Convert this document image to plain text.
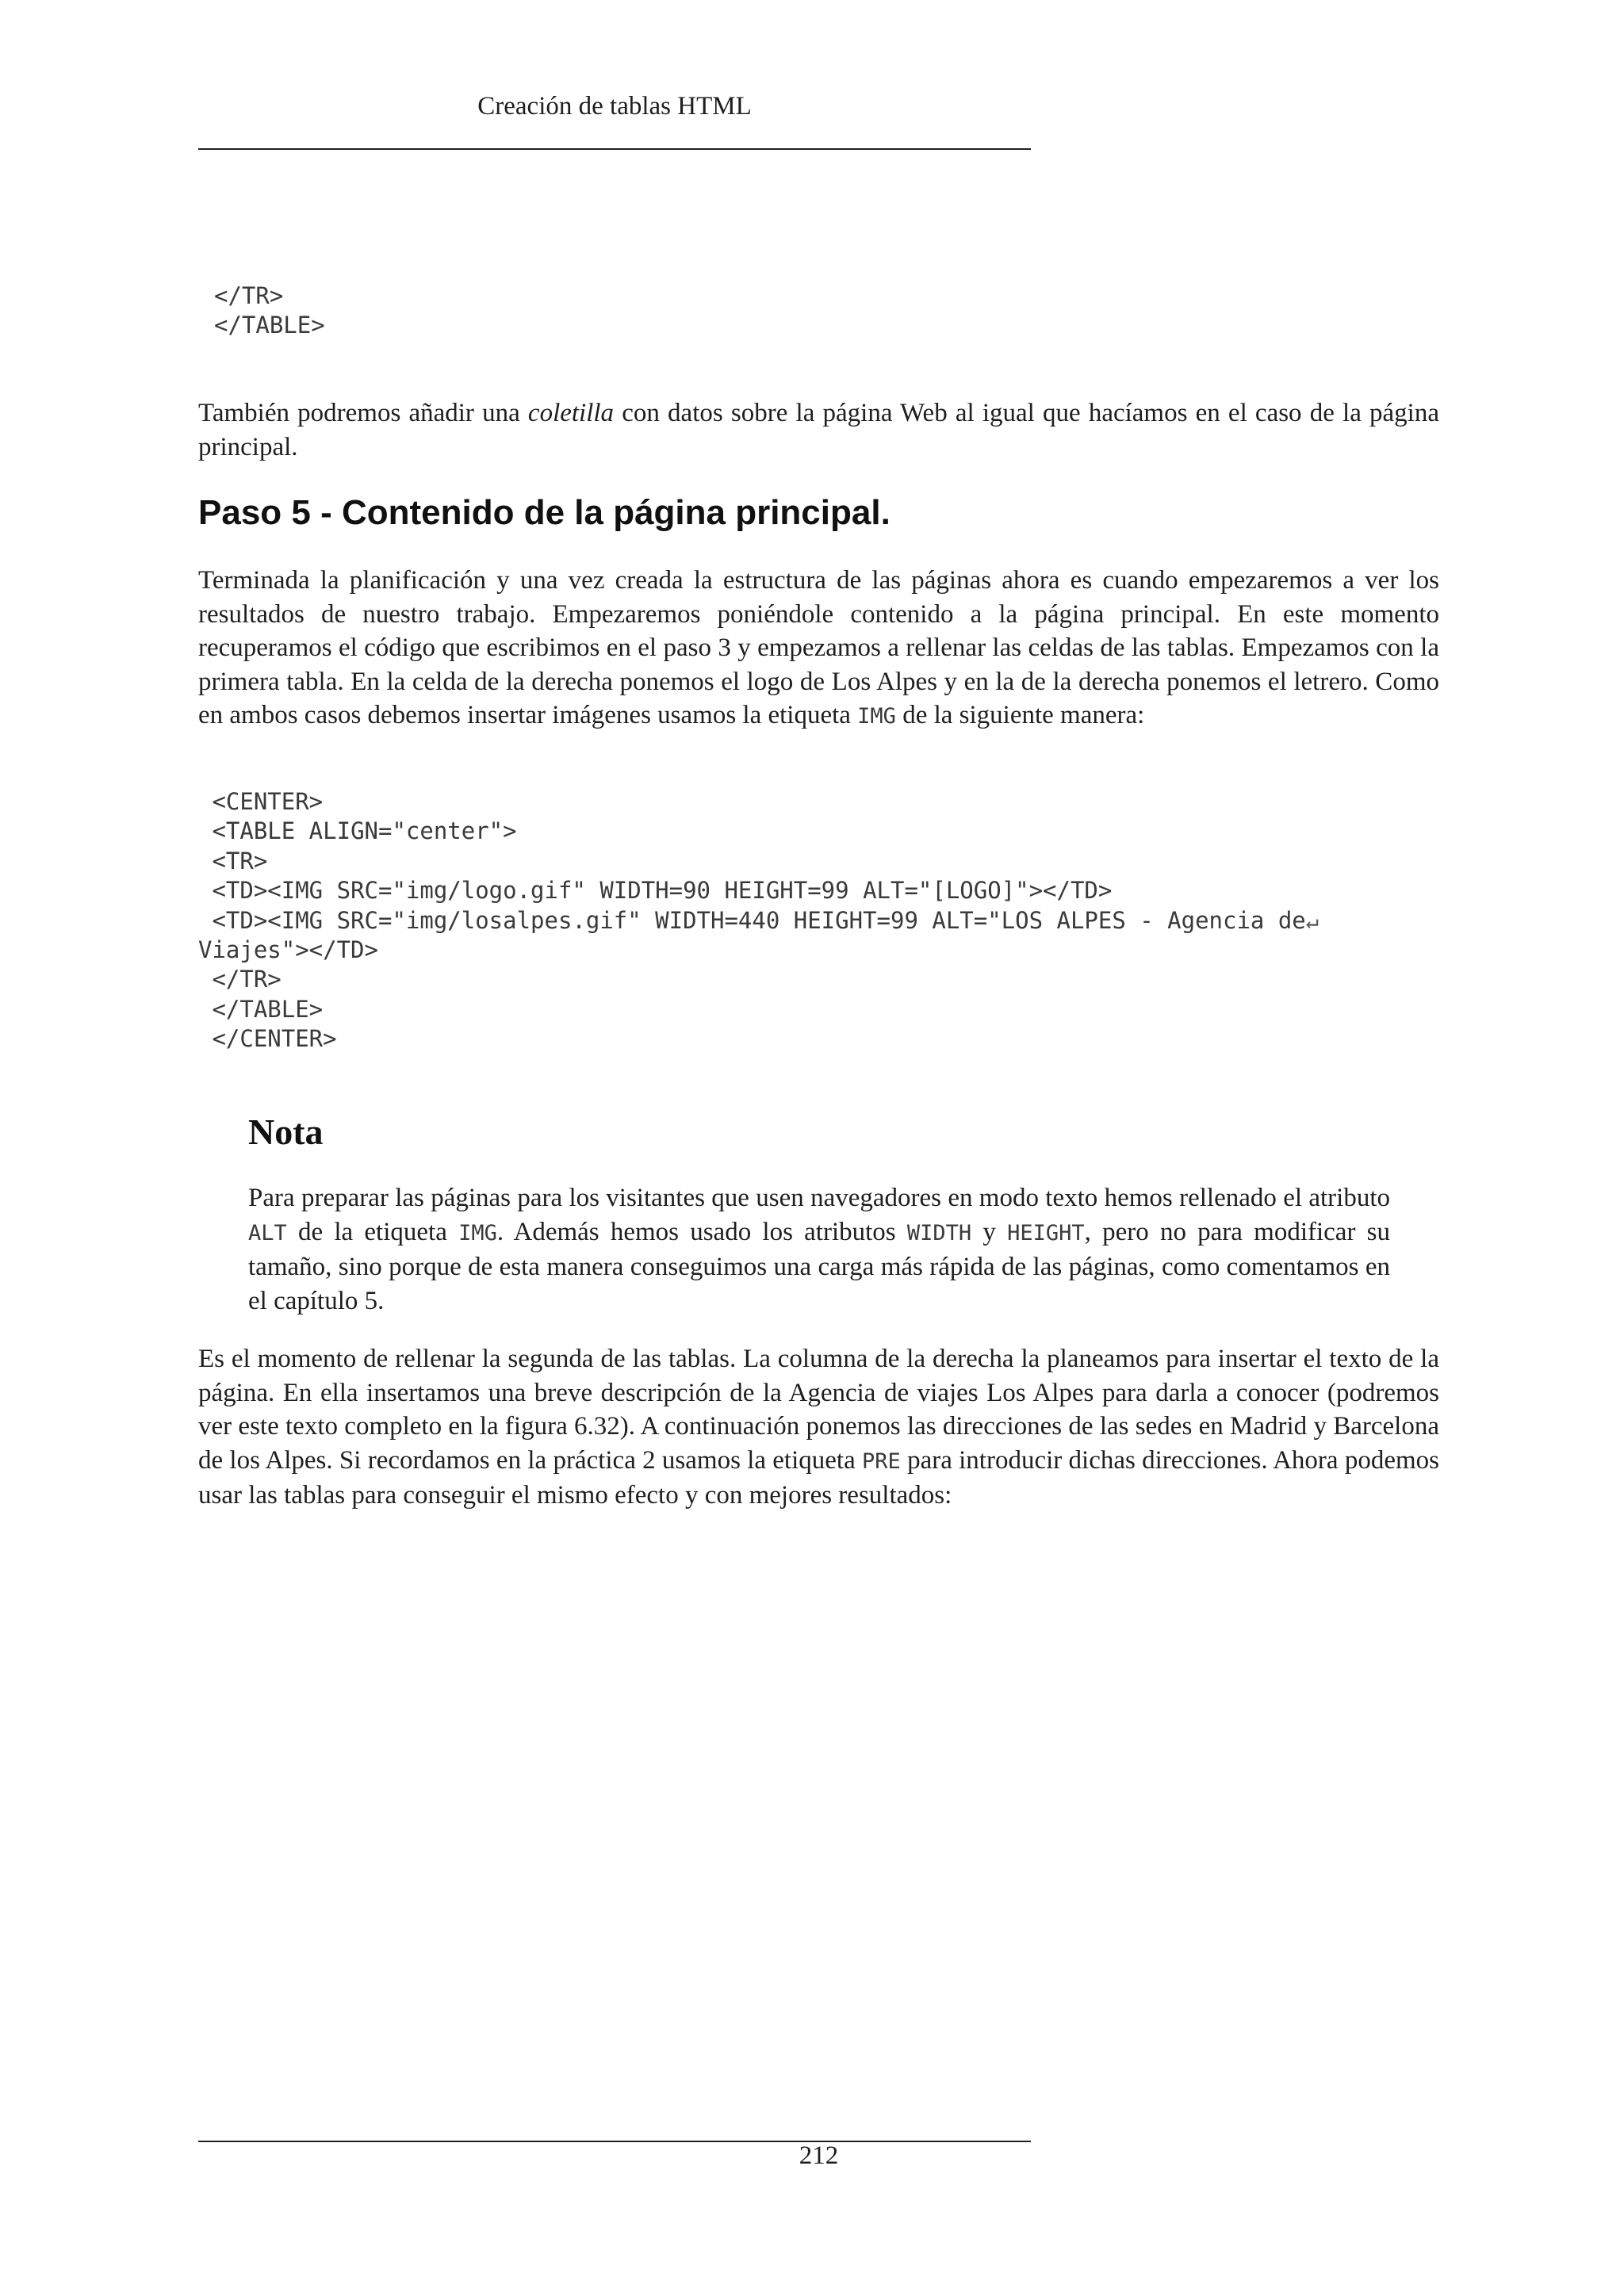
Creación de tablas HTML
</TR>
</TABLE>

También podremos añadir una coletilla con datos sobre la página Web al igual que hacíamos en el caso de la página principal.

Paso 5 - Contenido de la página principal.

Terminada la planificación y una vez creada la estructura de las páginas ahora es cuando empezaremos a ver los resultados de nuestro trabajo. Empezaremos poniéndole contenido a la página principal. En este momento recuperamos el código que escribimos en el paso 3 y empezamos a rellenar las celdas de las tablas. Empezamos con la primera tabla. En la celda de la derecha ponemos el logo de Los Alpes y en la de la derecha ponemos el letrero. Como en ambos casos debemos insertar imágenes usamos la etiqueta IMG de la siguiente manera:

<CENTER>
<TABLE ALIGN="center">
<TR>
<TD><IMG SRC="img/logo.gif" WIDTH=90 HEIGHT=99 ALT="[LOGO]"></TD>
<TD><IMG SRC="img/losalpes.gif" WIDTH=440 HEIGHT=99 ALT="LOS ALPES - Agencia de↵
Viajes"></TD>
</TR>
</TABLE>
</CENTER>
Nota

Para preparar las páginas para los visitantes que usen navegadores en modo texto hemos rellenado el atributo ALT de la etiqueta IMG. Además hemos usado los atributos WIDTH y HEIGHT, pero no para modificar su tamaño, sino porque de esta manera conseguimos una carga más rápida de las páginas, como comentamos en el capítulo 5.

Es el momento de rellenar la segunda de las tablas. La columna de la derecha la planeamos para insertar el texto de la página. En ella insertamos una breve descripción de la Agencia de viajes Los Alpes para darla a conocer (podremos ver este texto completo en la figura 6.32). A continuación ponemos las direcciones de las sedes en Madrid y Barcelona de los Alpes. Si recordamos en la práctica 2 usamos la etiqueta PRE para introducir dichas direcciones. Ahora podemos usar las tablas para conseguir el mismo efecto y con mejores resultados:

212
